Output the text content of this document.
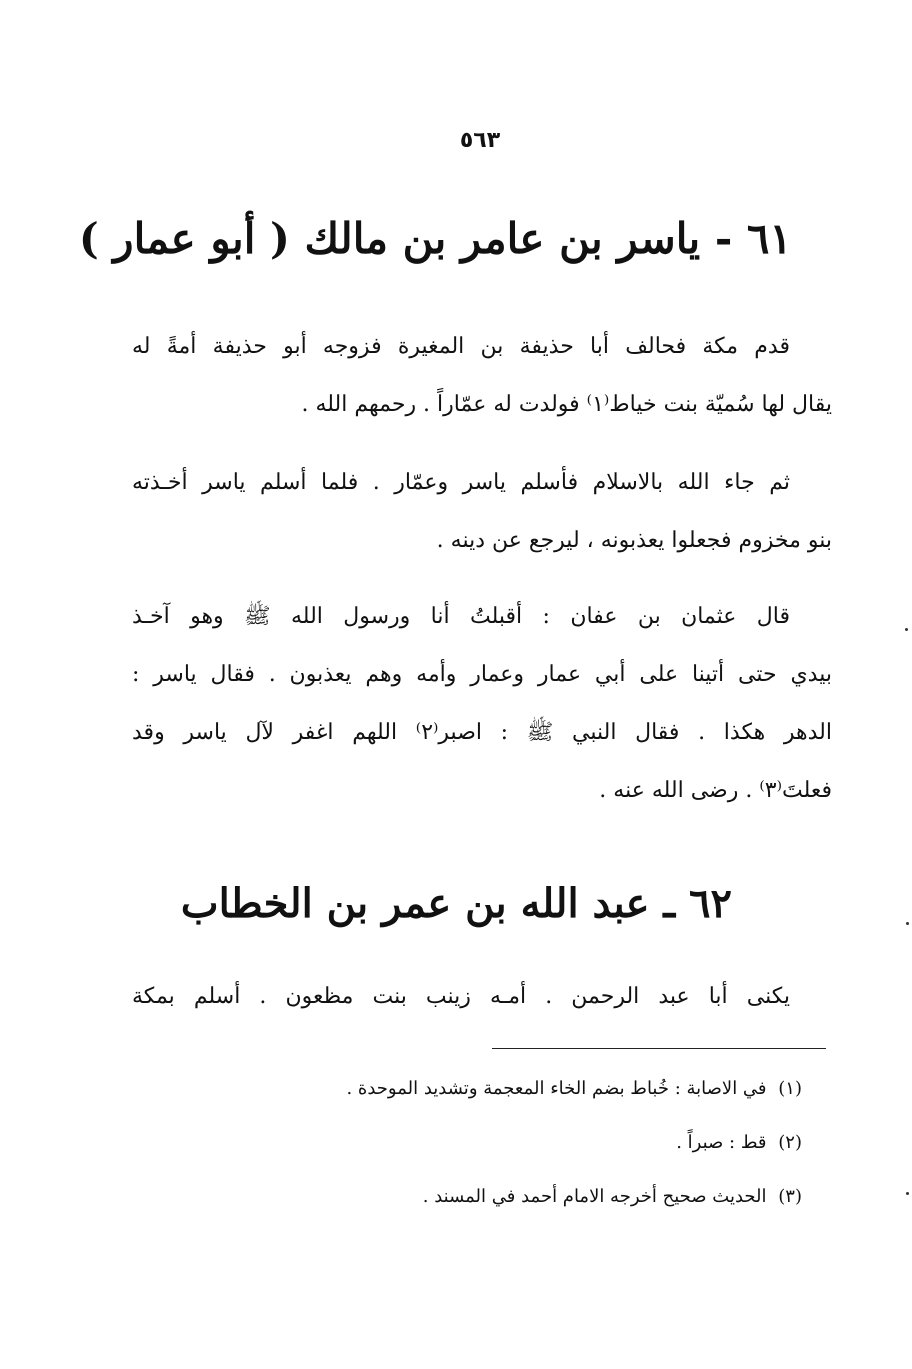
٥٦٣
٦١ - ياسر بن عامر بن مالك ( أبو عمار )
قدم مكة فحالف أبا حذيفة بن المغيرة فزوجه أبو حذيفة أمةً له
يقال لها سُميّة بنت خياط⁽١⁾ فولدت له عمّاراً . رحمهم الله .
ثم جاء الله بالاسلام فأسلم ياسر وعمّار . فلما أسلم ياسر أخـذته
بنو مخزوم فجعلوا يعذبونه ، ليرجع عن دينه .
قال عثمان بن عفان : أقبلتُ أنا ورسول الله ﷺ وهو آخـذ
بيدي حتى أتينا على أبي عمار وعمار وأمه وهم يعذبون . فقال ياسر :
الدهر هكذا . فقال النبي ﷺ : اصبر⁽٢⁾ اللهم اغفر لآل ياسر وقد
فعلتَ⁽٣⁾ . رضى الله عنه .
٦٢ ـ عبد الله بن عمر بن الخطاب
يكنى أبا عبد الرحمن . أمـه زينب بنت مظعون . أسلم بمكة
(١) في الاصابة : خُباط بضم الخاء المعجمة وتشديد الموحدة .
(٢) قط : صبراً .
(٣) الحديث صحيح أخرجه الامام أحمد في المسند .
